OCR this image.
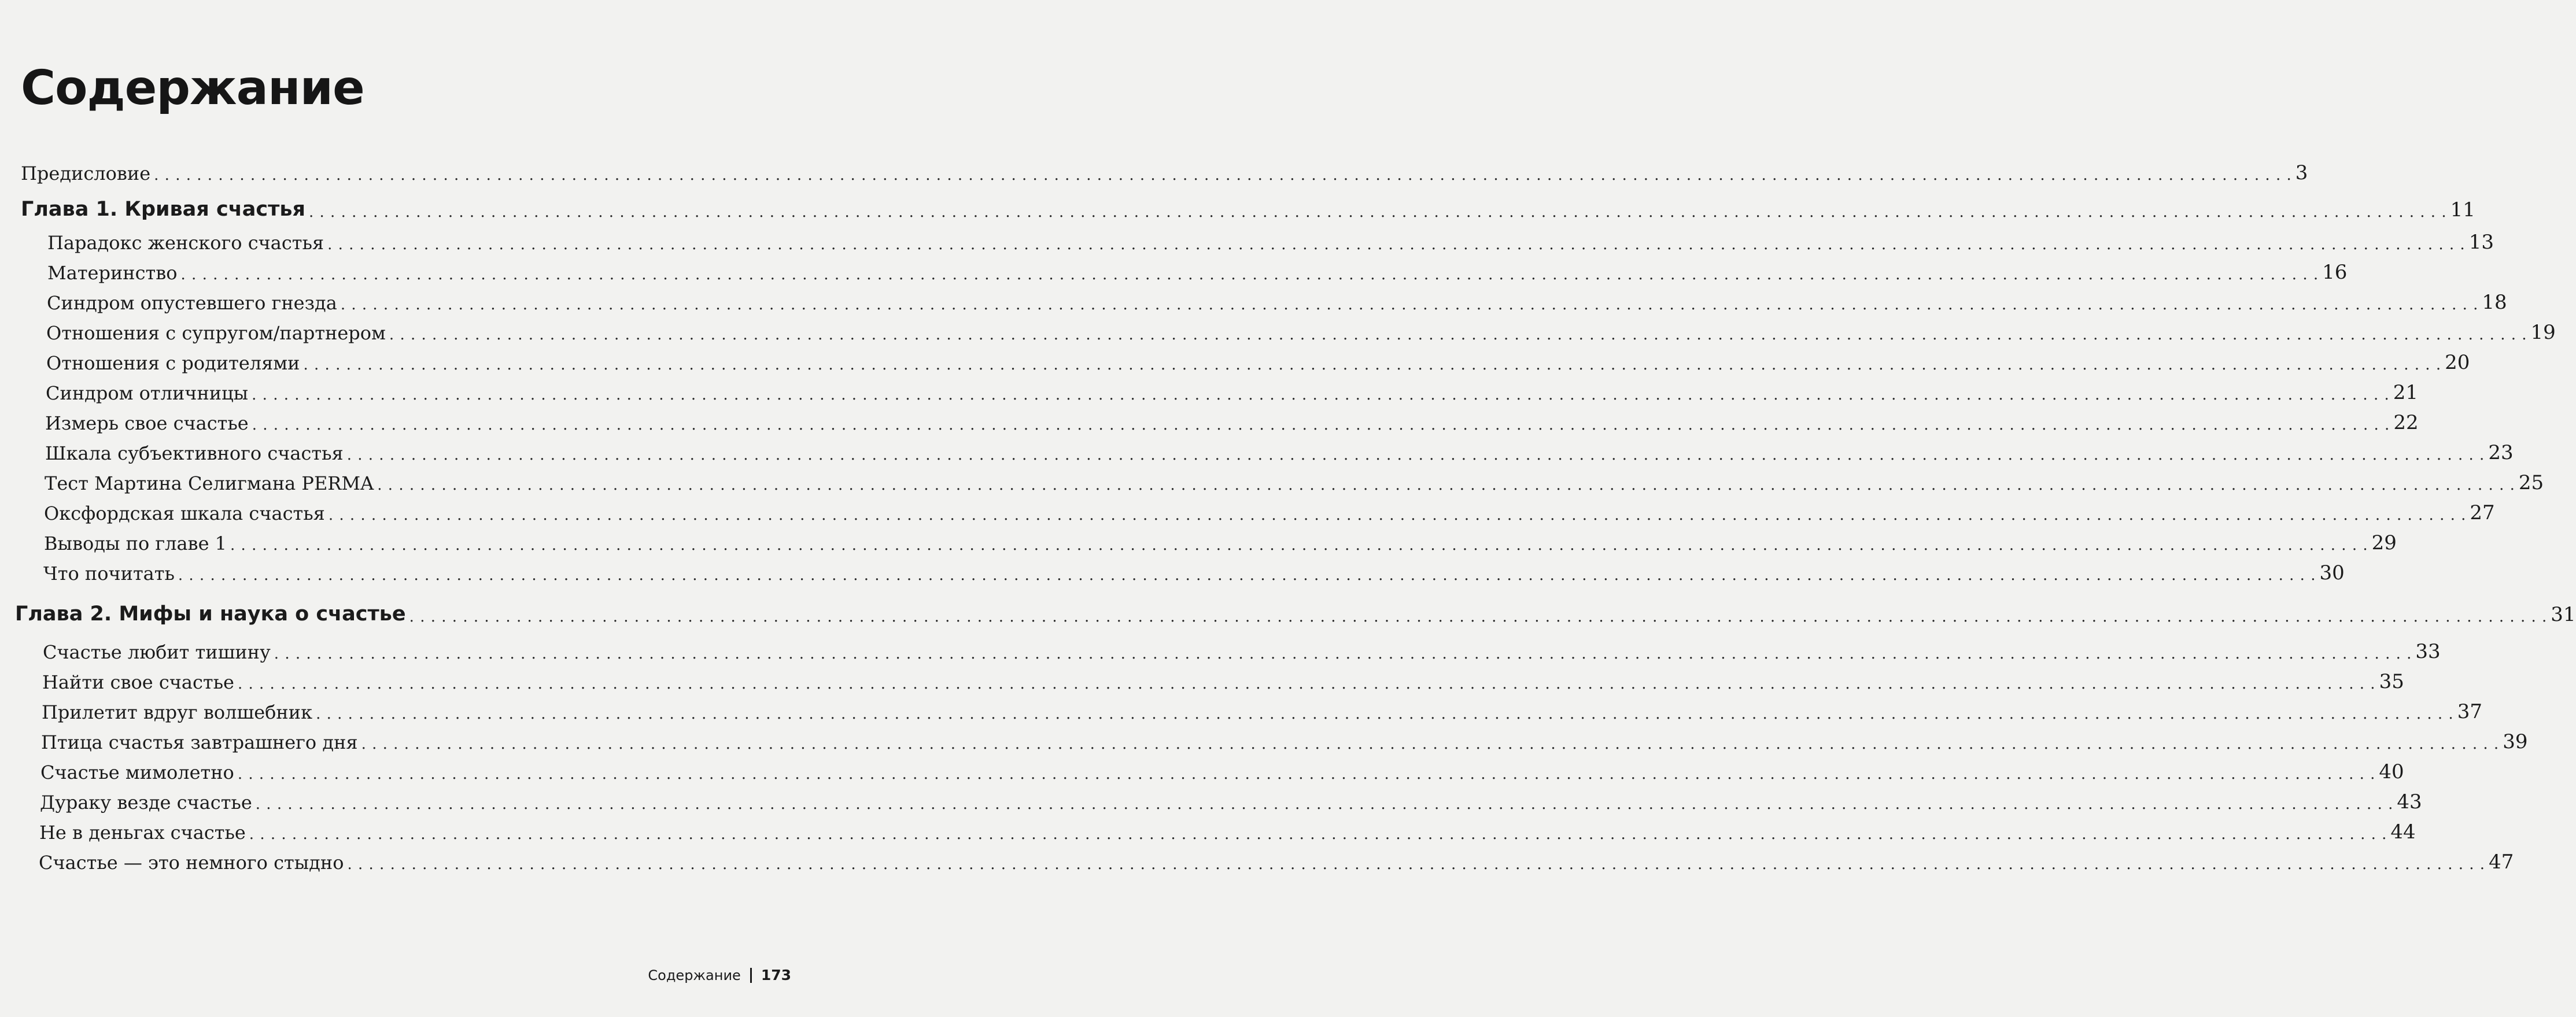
Содержание
Предисловие . . . . . . . . . . . . . . . . . . . . . . . . . . . . . . . . . . . . . . . . . . . . . . . . . . . . . . . . . . . . . . . . . . . . . . . . . . . . . . . . . . . . . . . . . . . . . . . . . . . . . . . . . . . . . . . . . . . . . . . . . . . . . . . . . . . . . . . . . . . . . . . . . . . . . . . . . . . . . . . . . . . . . . . . . . . . . . . . . . . . . . . . . . . . . . . . . . . . . . . . 3
Глава 1. Кривая счастья . . . . . . . . . . . . . . . . . . . . . . . . . . . . . . . . . . . . . . . . . . . . . . . . . . . . . . . . . . . . . . . . . . . . . . . . . . . . . . . . . . . . . . . . . . . . . . . . . . . . . . . . . . . . . . . . . . . . . . . . . . . . . . . . . . . . . . . . . . . . . . . . . . . . . . . . . . . . . . . . . . . . . . . . . . . . . . . . . . . . . . . . . . . . . . . . . . . . . . . . 11
Парадокс женского счастья . . . . . . . . . . . . . . . . . . . . . . . . . . . . . . . . . . . . . . . . . . . . . . . . . . . . . . . . . . . . . . . . . . . . . . . . . . . . . . . . . . . . . . . . . . . . . . . . . . . . . . . . . . . . . . . . . . . . . . . . . . . . . . . . . . . . . . . . . . . . . . . . . . . . . . . . . . . . . . . . . . . . . . . . . . . . . . . . . . . . . . . . . . . . . . . . . . . . . . . . 13
Материнство . . . . . . . . . . . . . . . . . . . . . . . . . . . . . . . . . . . . . . . . . . . . . . . . . . . . . . . . . . . . . . . . . . . . . . . . . . . . . . . . . . . . . . . . . . . . . . . . . . . . . . . . . . . . . . . . . . . . . . . . . . . . . . . . . . . . . . . . . . . . . . . . . . . . . . . . . . . . . . . . . . . . . . . . . . . . . . . . . . . . . . . . . . . . . . . . . . . . . . . . 16
Синдром опустевшего гнезда . . . . . . . . . . . . . . . . . . . . . . . . . . . . . . . . . . . . . . . . . . . . . . . . . . . . . . . . . . . . . . . . . . . . . . . . . . . . . . . . . . . . . . . . . . . . . . . . . . . . . . . . . . . . . . . . . . . . . . . . . . . . . . . . . . . . . . . . . . . . . . . . . . . . . . . . . . . . . . . . . . . . . . . . . . . . . . . . . . . . . . . . . . . . . . . . . . . . . . . . 18
Отношения с супругом/партнером . . . . . . . . . . . . . . . . . . . . . . . . . . . . . . . . . . . . . . . . . . . . . . . . . . . . . . . . . . . . . . . . . . . . . . . . . . . . . . . . . . . . . . . . . . . . . . . . . . . . . . . . . . . . . . . . . . . . . . . . . . . . . . . . . . . . . . . . . . . . . . . . . . . . . . . . . . . . . . . . . . . . . . . . . . . . . . . . . . . . . . . . . . . . . . . . . . . . . . . . 19
Отношения с родителями . . . . . . . . . . . . . . . . . . . . . . . . . . . . . . . . . . . . . . . . . . . . . . . . . . . . . . . . . . . . . . . . . . . . . . . . . . . . . . . . . . . . . . . . . . . . . . . . . . . . . . . . . . . . . . . . . . . . . . . . . . . . . . . . . . . . . . . . . . . . . . . . . . . . . . . . . . . . . . . . . . . . . . . . . . . . . . . . . . . . . . . . . . . . . . . . . . . . . . . . 20
Синдром отличницы . . . . . . . . . . . . . . . . . . . . . . . . . . . . . . . . . . . . . . . . . . . . . . . . . . . . . . . . . . . . . . . . . . . . . . . . . . . . . . . . . . . . . . . . . . . . . . . . . . . . . . . . . . . . . . . . . . . . . . . . . . . . . . . . . . . . . . . . . . . . . . . . . . . . . . . . . . . . . . . . . . . . . . . . . . . . . . . . . . . . . . . . . . . . . . . . . . . . . . . . 21
Измерь свое счастье . . . . . . . . . . . . . . . . . . . . . . . . . . . . . . . . . . . . . . . . . . . . . . . . . . . . . . . . . . . . . . . . . . . . . . . . . . . . . . . . . . . . . . . . . . . . . . . . . . . . . . . . . . . . . . . . . . . . . . . . . . . . . . . . . . . . . . . . . . . . . . . . . . . . . . . . . . . . . . . . . . . . . . . . . . . . . . . . . . . . . . . . . . . . . . . . . . . . . . . . 22
Шкала субъективного счастья . . . . . . . . . . . . . . . . . . . . . . . . . . . . . . . . . . . . . . . . . . . . . . . . . . . . . . . . . . . . . . . . . . . . . . . . . . . . . . . . . . . . . . . . . . . . . . . . . . . . . . . . . . . . . . . . . . . . . . . . . . . . . . . . . . . . . . . . . . . . . . . . . . . . . . . . . . . . . . . . . . . . . . . . . . . . . . . . . . . . . . . . . . . . . . . . . . . . . . . . 23
Тест Мартина Селигмана PERMA . . . . . . . . . . . . . . . . . . . . . . . . . . . . . . . . . . . . . . . . . . . . . . . . . . . . . . . . . . . . . . . . . . . . . . . . . . . . . . . . . . . . . . . . . . . . . . . . . . . . . . . . . . . . . . . . . . . . . . . . . . . . . . . . . . . . . . . . . . . . . . . . . . . . . . . . . . . . . . . . . . . . . . . . . . . . . . . . . . . . . . . . . . . . . . . . . . . . . . . . 25
Оксфордская шкала счастья . . . . . . . . . . . . . . . . . . . . . . . . . . . . . . . . . . . . . . . . . . . . . . . . . . . . . . . . . . . . . . . . . . . . . . . . . . . . . . . . . . . . . . . . . . . . . . . . . . . . . . . . . . . . . . . . . . . . . . . . . . . . . . . . . . . . . . . . . . . . . . . . . . . . . . . . . . . . . . . . . . . . . . . . . . . . . . . . . . . . . . . . . . . . . . . . . . . . . . . . 27
Выводы по главе 1 . . . . . . . . . . . . . . . . . . . . . . . . . . . . . . . . . . . . . . . . . . . . . . . . . . . . . . . . . . . . . . . . . . . . . . . . . . . . . . . . . . . . . . . . . . . . . . . . . . . . . . . . . . . . . . . . . . . . . . . . . . . . . . . . . . . . . . . . . . . . . . . . . . . . . . . . . . . . . . . . . . . . . . . . . . . . . . . . . . . . . . . . . . . . . . . . . . . . . . . . 29
Что почитать . . . . . . . . . . . . . . . . . . . . . . . . . . . . . . . . . . . . . . . . . . . . . . . . . . . . . . . . . . . . . . . . . . . . . . . . . . . . . . . . . . . . . . . . . . . . . . . . . . . . . . . . . . . . . . . . . . . . . . . . . . . . . . . . . . . . . . . . . . . . . . . . . . . . . . . . . . . . . . . . . . . . . . . . . . . . . . . . . . . . . . . . . . . . . . . . . . . . . . . . 30
Глава 2. Мифы и наука о счастье . . . . . . . . . . . . . . . . . . . . . . . . . . . . . . . . . . . . . . . . . . . . . . . . . . . . . . . . . . . . . . . . . . . . . . . . . . . . . . . . . . . . . . . . . . . . . . . . . . . . . . . . . . . . . . . . . . . . . . . . . . . . . . . . . . . . . . . . . . . . . . . . . . . . . . . . . . . . . . . . . . . . . . . . . . . . . . . . . . . . . . . . . . . . . . . . . . . . . . . . 31
Счастье любит тишину . . . . . . . . . . . . . . . . . . . . . . . . . . . . . . . . . . . . . . . . . . . . . . . . . . . . . . . . . . . . . . . . . . . . . . . . . . . . . . . . . . . . . . . . . . . . . . . . . . . . . . . . . . . . . . . . . . . . . . . . . . . . . . . . . . . . . . . . . . . . . . . . . . . . . . . . . . . . . . . . . . . . . . . . . . . . . . . . . . . . . . . . . . . . . . . . . . . . . . . . 33
Найти свое счастье . . . . . . . . . . . . . . . . . . . . . . . . . . . . . . . . . . . . . . . . . . . . . . . . . . . . . . . . . . . . . . . . . . . . . . . . . . . . . . . . . . . . . . . . . . . . . . . . . . . . . . . . . . . . . . . . . . . . . . . . . . . . . . . . . . . . . . . . . . . . . . . . . . . . . . . . . . . . . . . . . . . . . . . . . . . . . . . . . . . . . . . . . . . . . . . . . . . . . . . . 35
Прилетит вдруг волшебник . . . . . . . . . . . . . . . . . . . . . . . . . . . . . . . . . . . . . . . . . . . . . . . . . . . . . . . . . . . . . . . . . . . . . . . . . . . . . . . . . . . . . . . . . . . . . . . . . . . . . . . . . . . . . . . . . . . . . . . . . . . . . . . . . . . . . . . . . . . . . . . . . . . . . . . . . . . . . . . . . . . . . . . . . . . . . . . . . . . . . . . . . . . . . . . . . . . . . . . . 37
Птица счастья завтрашнего дня . . . . . . . . . . . . . . . . . . . . . . . . . . . . . . . . . . . . . . . . . . . . . . . . . . . . . . . . . . . . . . . . . . . . . . . . . . . . . . . . . . . . . . . . . . . . . . . . . . . . . . . . . . . . . . . . . . . . . . . . . . . . . . . . . . . . . . . . . . . . . . . . . . . . . . . . . . . . . . . . . . . . . . . . . . . . . . . . . . . . . . . . . . . . . . . . . . . . . . . . 39
Счастье мимолетно . . . . . . . . . . . . . . . . . . . . . . . . . . . . . . . . . . . . . . . . . . . . . . . . . . . . . . . . . . . . . . . . . . . . . . . . . . . . . . . . . . . . . . . . . . . . . . . . . . . . . . . . . . . . . . . . . . . . . . . . . . . . . . . . . . . . . . . . . . . . . . . . . . . . . . . . . . . . . . . . . . . . . . . . . . . . . . . . . . . . . . . . . . . . . . . . . . . . . . . . 40
Дураку везде счастье . . . . . . . . . . . . . . . . . . . . . . . . . . . . . . . . . . . . . . . . . . . . . . . . . . . . . . . . . . . . . . . . . . . . . . . . . . . . . . . . . . . . . . . . . . . . . . . . . . . . . . . . . . . . . . . . . . . . . . . . . . . . . . . . . . . . . . . . . . . . . . . . . . . . . . . . . . . . . . . . . . . . . . . . . . . . . . . . . . . . . . . . . . . . . . . . . . . . . . . . 43
Не в деньгах счастье . . . . . . . . . . . . . . . . . . . . . . . . . . . . . . . . . . . . . . . . . . . . . . . . . . . . . . . . . . . . . . . . . . . . . . . . . . . . . . . . . . . . . . . . . . . . . . . . . . . . . . . . . . . . . . . . . . . . . . . . . . . . . . . . . . . . . . . . . . . . . . . . . . . . . . . . . . . . . . . . . . . . . . . . . . . . . . . . . . . . . . . . . . . . . . . . . . . . . . . . 44
Счастье — это немного стыдно . . . . . . . . . . . . . . . . . . . . . . . . . . . . . . . . . . . . . . . . . . . . . . . . . . . . . . . . . . . . . . . . . . . . . . . . . . . . . . . . . . . . . . . . . . . . . . . . . . . . . . . . . . . . . . . . . . . . . . . . . . . . . . . . . . . . . . . . . . . . . . . . . . . . . . . . . . . . . . . . . . . . . . . . . . . . . . . . . . . . . . . . . . . . . . . . . . . . . . . . 47
Содержание 173
